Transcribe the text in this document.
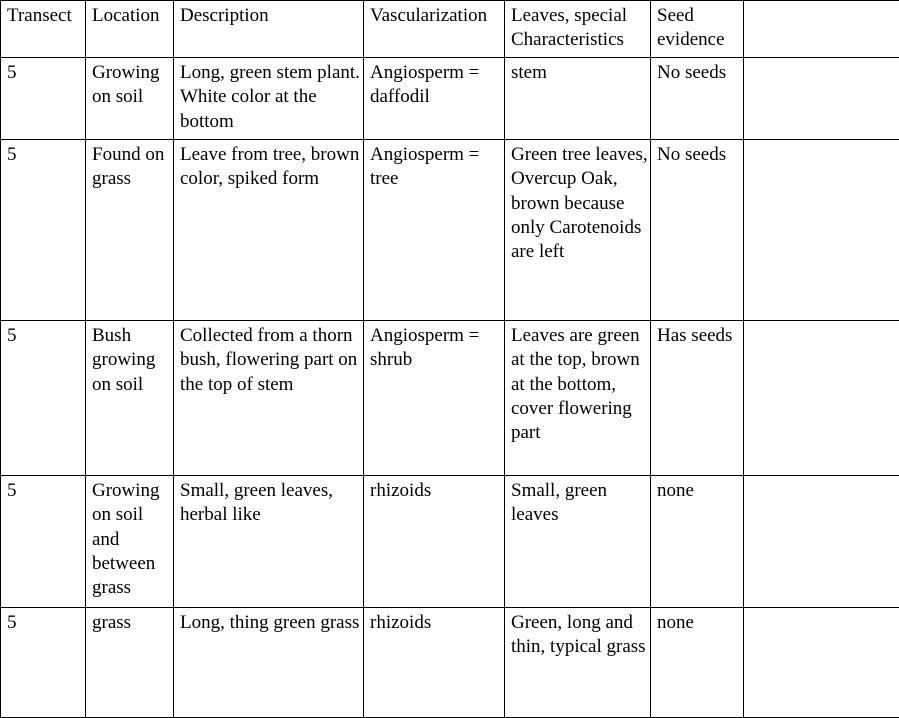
Transect	Location	Description	Vascularization	Leaves, special Characteristics	Seed evidence	
5	Growing on soil	Long, green stem plant. White color at the bottom	Angiosperm = daffodil	stem	No seeds	
5	Found on grass	Leave from tree, brown color, spiked form	Angiosperm = tree	Green tree leaves, Overcup Oak, brown because only Carotenoids are left	No seeds	
5	Bush growing on soil	Collected from a thorn bush, flowering part on the top of stem	Angiosperm = shrub	Leaves are green at the top, brown at the bottom, cover flowering part	Has seeds	
5	Growing on soil and between grass	Small, green leaves, herbal like	rhizoids	Small, green leaves	none	
5	grass	Long, thing green grass	rhizoids	Green, long and thin, typical grass	none	
